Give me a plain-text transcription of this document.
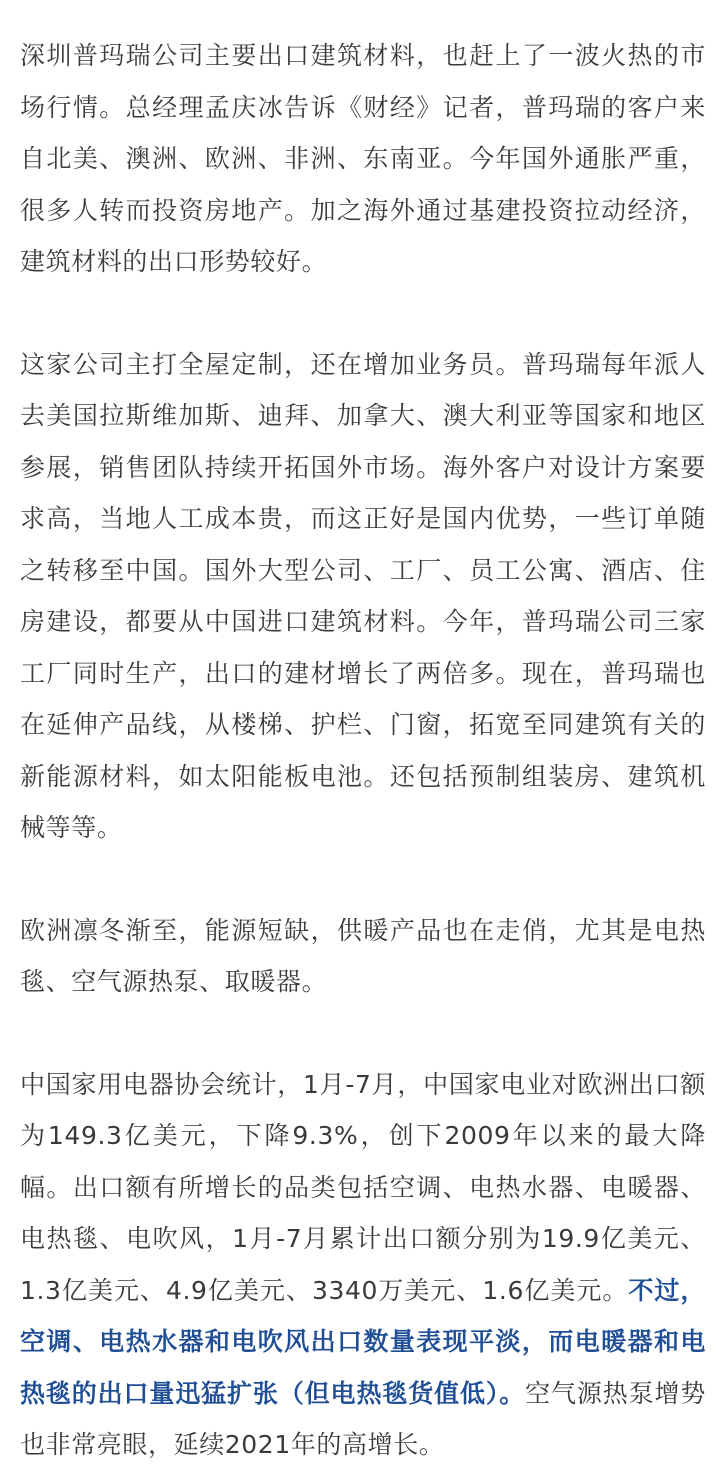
深圳普玛瑞公司主要出口建筑材料，也赶上了一波火热的市场行情。总经理孟庆冰告诉《财经》记者，普玛瑞的客户来自北美、澳洲、欧洲、非洲、东南亚。今年国外通胀严重，很多人转而投资房地产。加之海外通过基建投资拉动经济，建筑材料的出口形势较好。

这家公司主打全屋定制，还在增加业务员。普玛瑞每年派人去美国拉斯维加斯、迪拜、加拿大、澳大利亚等国家和地区参展，销售团队持续开拓国外市场。海外客户对设计方案要求高，当地人工成本贵，而这正好是国内优势，一些订单随之转移至中国。国外大型公司、工厂、员工公寓、酒店、住房建设，都要从中国进口建筑材料。今年，普玛瑞公司三家工厂同时生产，出口的建材增长了两倍多。现在，普玛瑞也在延伸产品线，从楼梯、护栏、门窗，拓宽至同建筑有关的新能源材料，如太阳能板电池。还包括预制组装房、建筑机械等等。

欧洲凛冬渐至，能源短缺，供暖产品也在走俏，尤其是电热毯、空气源热泵、取暖器。

中国家用电器协会统计，1月-7月，中国家电业对欧洲出口额为149.3亿美元，下降9.3%，创下2009年以来的最大降幅。出口额有所增长的品类包括空调、电热水器、电暖器、电热毯、电吹风，1月-7月累计出口额分别为19.9亿美元、1.3亿美元、4.9亿美元、3340万美元、1.6亿美元。不过，空调、电热水器和电吹风出口数量表现平淡，而电暖器和电热毯的出口量迅猛扩张（但电热毯货值低）。空气源热泵增势也非常亮眼，延续2021年的高增长。
